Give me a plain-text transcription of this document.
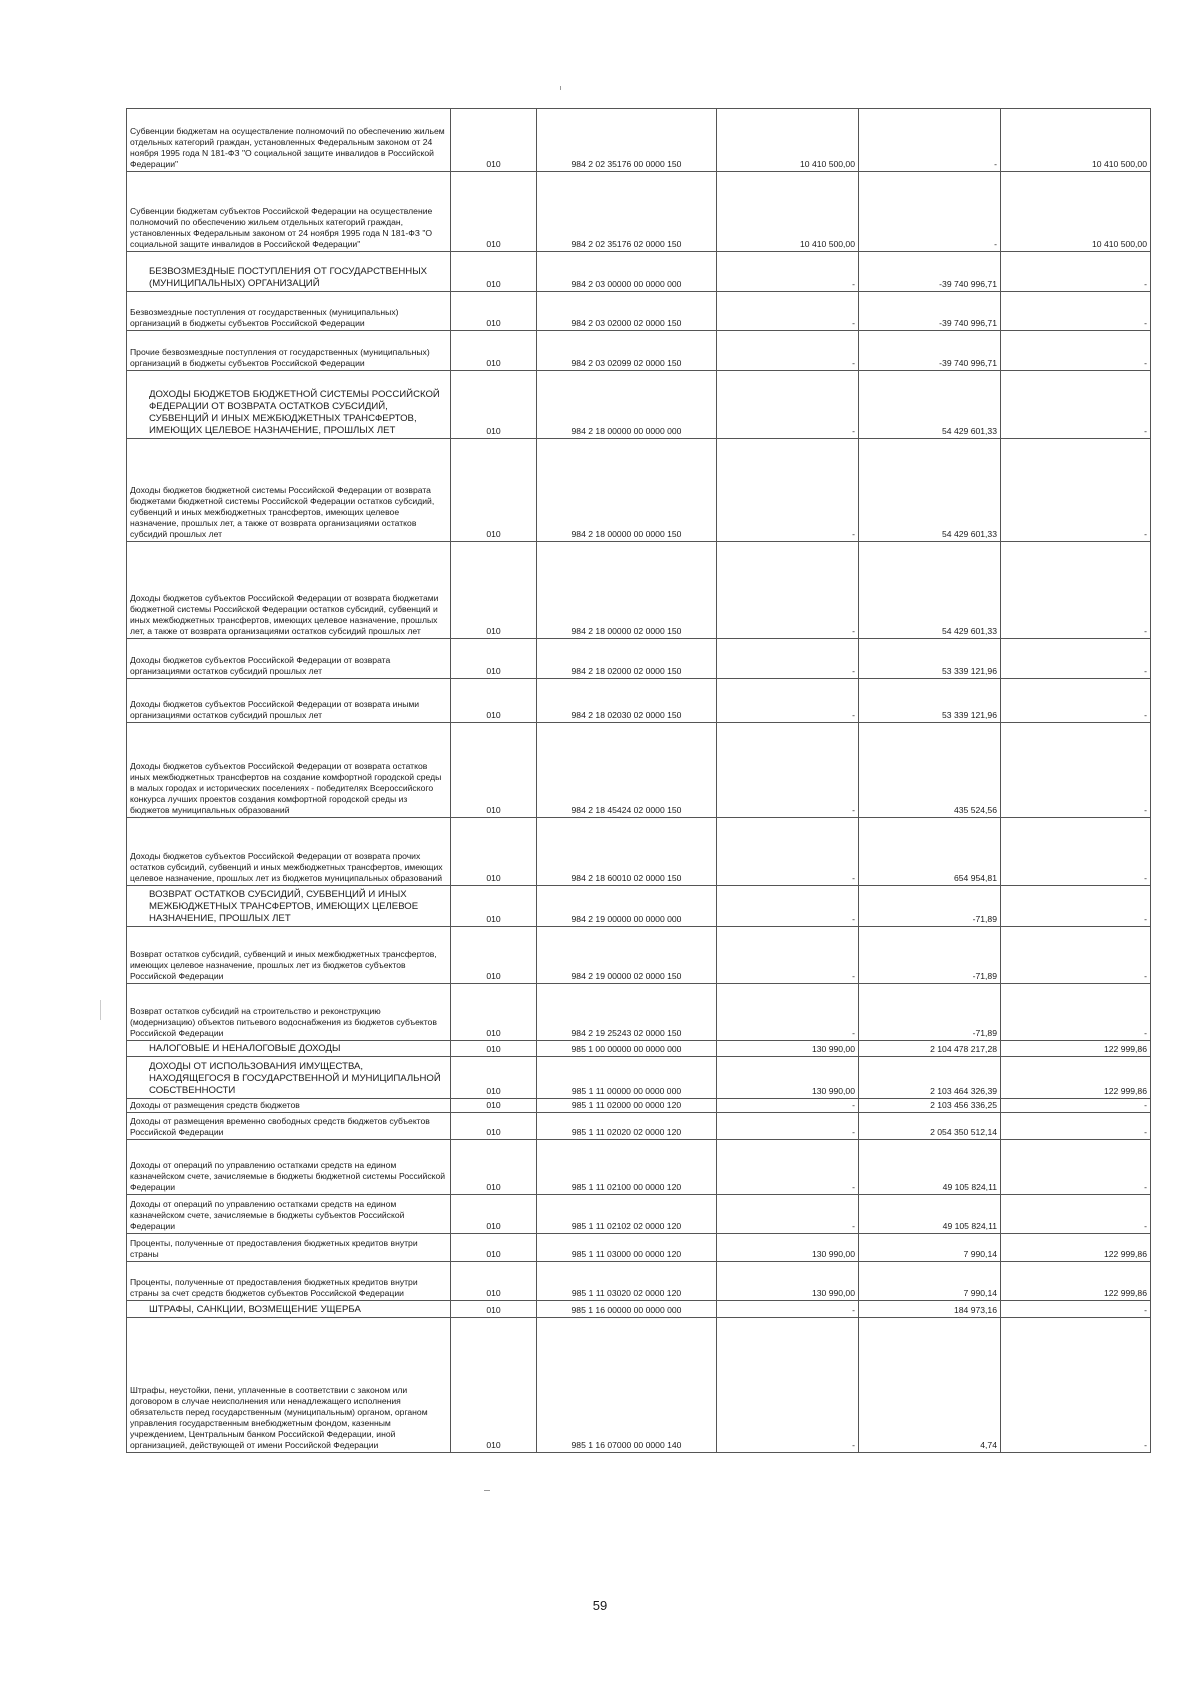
Субвенции бюджетам на осуществление полномочий по обеспечению жильем отдельных категорий граждан, установленных Федеральным законом от 24 ноября 1995 года N 181-ФЗ "О социальной защите инвалидов в Российской Федерации"	010	984 2 02 35176 00 0000 150	10 410 500,00	-	10 410 500,00
Субвенции бюджетам субъектов Российской Федерации на осуществление полномочий по обеспечению жильем отдельных категорий граждан, установленных Федеральным законом от 24 ноября 1995 года N 181-ФЗ "О социальной защите инвалидов в Российской Федерации"	010	984 2 02 35176 02 0000 150	10 410 500,00	-	10 410 500,00
БЕЗВОЗМЕЗДНЫЕ ПОСТУПЛЕНИЯ ОТ ГОСУДАРСТВЕННЫХ (МУНИЦИПАЛЬНЫХ) ОРГАНИЗАЦИЙ	010	984 2 03 00000 00 0000 000	-	-39 740 996,71	-
Безвозмездные поступления от государственных (муниципальных) организаций в бюджеты субъектов Российской Федерации	010	984 2 03 02000 02 0000 150	-	-39 740 996,71	-
Прочие безвозмездные поступления от государственных (муниципальных) организаций в бюджеты субъектов Российской Федерации	010	984 2 03 02099 02 0000 150	-	-39 740 996,71	-
ДОХОДЫ БЮДЖЕТОВ БЮДЖЕТНОЙ СИСТЕМЫ РОССИЙСКОЙ ФЕДЕРАЦИИ ОТ ВОЗВРАТА ОСТАТКОВ СУБСИДИЙ, СУБВЕНЦИЙ И ИНЫХ МЕЖБЮДЖЕТНЫХ ТРАНСФЕРТОВ, ИМЕЮЩИХ ЦЕЛЕВОЕ НАЗНАЧЕНИЕ, ПРОШЛЫХ ЛЕТ	010	984 2 18 00000 00 0000 000	-	54 429 601,33	-
Доходы бюджетов бюджетной системы Российской Федерации от возврата бюджетами бюджетной системы Российской Федерации остатков субсидий, субвенций и иных межбюджетных трансфертов, имеющих целевое назначение, прошлых лет, а также от возврата организациями остатков субсидий прошлых лет	010	984 2 18 00000 00 0000 150	-	54 429 601,33	-
Доходы бюджетов субъектов Российской Федерации от возврата бюджетами бюджетной системы Российской Федерации остатков субсидий, субвенций и иных межбюджетных трансфертов, имеющих целевое назначение, прошлых лет, а также от возврата организациями остатков субсидий прошлых лет	010	984 2 18 00000 02 0000 150	-	54 429 601,33	-
Доходы бюджетов субъектов Российской Федерации от возврата организациями остатков субсидий прошлых лет	010	984 2 18 02000 02 0000 150	-	53 339 121,96	-
Доходы бюджетов субъектов Российской Федерации от возврата иными организациями остатков субсидий прошлых лет	010	984 2 18 02030 02 0000 150	-	53 339 121,96	-
Доходы бюджетов субъектов Российской Федерации от возврата остатков иных межбюджетных трансфертов на создание комфортной городской среды в малых городах и исторических поселениях - победителях Всероссийского конкурса лучших проектов создания комфортной городской среды из бюджетов муниципальных образований	010	984 2 18 45424 02 0000 150	-	435 524,56	-
Доходы бюджетов субъектов Российской Федерации от возврата прочих остатков субсидий, субвенций и иных межбюджетных трансфертов, имеющих целевое назначение, прошлых лет из бюджетов муниципальных образований	010	984 2 18 60010 02 0000 150	-	654 954,81	-
ВОЗВРАТ ОСТАТКОВ СУБСИДИЙ, СУБВЕНЦИЙ И ИНЫХ МЕЖБЮДЖЕТНЫХ ТРАНСФЕРТОВ, ИМЕЮЩИХ ЦЕЛЕВОЕ НАЗНАЧЕНИЕ, ПРОШЛЫХ ЛЕТ	010	984 2 19 00000 00 0000 000	-	-71,89	-
Возврат остатков субсидий, субвенций и иных межбюджетных трансфертов, имеющих целевое назначение, прошлых лет из бюджетов субъектов Российской Федерации	010	984 2 19 00000 02 0000 150	-	-71,89	-
Возврат остатков субсидий на строительство и реконструкцию (модернизацию) объектов питьевого водоснабжения из бюджетов субъектов Российской Федерации	010	984 2 19 25243 02 0000 150	-	-71,89	-
НАЛОГОВЫЕ И НЕНАЛОГОВЫЕ ДОХОДЫ	010	985 1 00 00000 00 0000 000	130 990,00	2 104 478 217,28	122 999,86
ДОХОДЫ ОТ ИСПОЛЬЗОВАНИЯ ИМУЩЕСТВА, НАХОДЯЩЕГОСЯ В ГОСУДАРСТВЕННОЙ И МУНИЦИПАЛЬНОЙ СОБСТВЕННОСТИ	010	985 1 11 00000 00 0000 000	130 990,00	2 103 464 326,39	122 999,86
Доходы от размещения средств бюджетов	010	985 1 11 02000 00 0000 120	-	2 103 456 336,25	-
Доходы от размещения временно свободных средств бюджетов субъектов Российской Федерации	010	985 1 11 02020 02 0000 120	-	2 054 350 512,14	-
Доходы от операций по управлению остатками средств на едином казначейском счете, зачисляемые в бюджеты бюджетной системы Российской Федерации	010	985 1 11 02100 00 0000 120	-	49 105 824,11	-
Доходы от операций по управлению остатками средств на едином казначейском счете, зачисляемые в бюджеты субъектов Российской Федерации	010	985 1 11 02102 02 0000 120	-	49 105 824,11	-
Проценты, полученные от предоставления бюджетных кредитов внутри страны	010	985 1 11 03000 00 0000 120	130 990,00	7 990,14	122 999,86
Проценты, полученные от предоставления бюджетных кредитов внутри страны за счет средств бюджетов субъектов Российской Федерации	010	985 1 11 03020 02 0000 120	130 990,00	7 990,14	122 999,86
ШТРАФЫ, САНКЦИИ, ВОЗМЕЩЕНИЕ УЩЕРБА	010	985 1 16 00000 00 0000 000	-	184 973,16	-
Штрафы, неустойки, пени, уплаченные в соответствии с законом или договором в случае неисполнения или ненадлежащего исполнения обязательств перед государственным (муниципальным) органом, органом управления государственным внебюджетным фондом, казенным учреждением, Центральным банком Российской Федерации, иной организацией, действующей от имени Российской Федерации	010	985 1 16 07000 00 0000 140	-	4,74	-
59
